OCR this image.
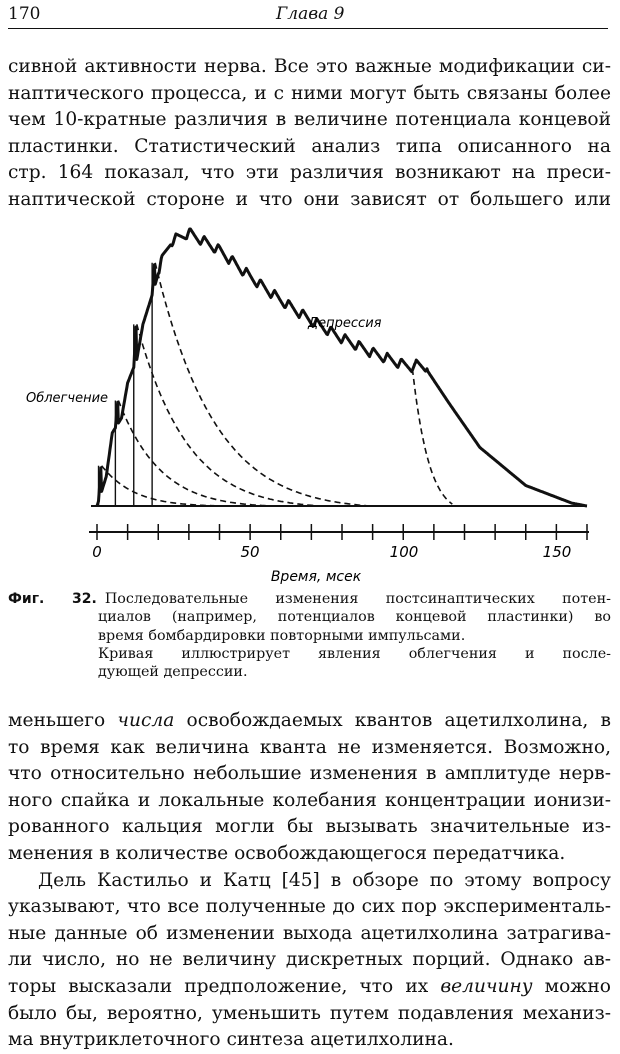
170	Глава 9
сивной активности нерва. Все это важные модификации си-
наптического процесса, и с ними могут быть связаны более
чем 10-кратные различия в величине потенциала концевой
пластинки. Статистический анализ типа описанного на
стр. 164 показал, что эти различия возникают на преси-
наптической стороне и что они зависят от большего или
0	50	100	150
Время, мсек
Облегчение
Депрессия
Фиг. 32. Последовательные изменения постсинаптических потен-
циалов (например, потенциалов концевой пластинки) во
время бомбардировки повторными импульсами.
Кривая иллюстрирует явления облегчения и после-
дующей депрессии.
меньшего числа освобождаемых квантов ацетилхолина, в
то время как величина кванта не изменяется. Возможно,
что относительно небольшие изменения в амплитуде нерв-
ного спайка и локальные колебания концентрации ионизи-
рованного кальция могли бы вызывать значительные из-
менения в количестве освобождающегося передатчика.
Дель Кастильо и Катц [45] в обзоре по этому вопросу
указывают, что все полученные до сих пор эксперименталь-
ные данные об изменении выхода ацетилхолина затрагива-
ли число, но не величину дискретных порций. Однако ав-
торы высказали предположение, что их величину можно
было бы, вероятно, уменьшить путем подавления механиз-
ма внутриклеточного синтеза ацетилхолина.
